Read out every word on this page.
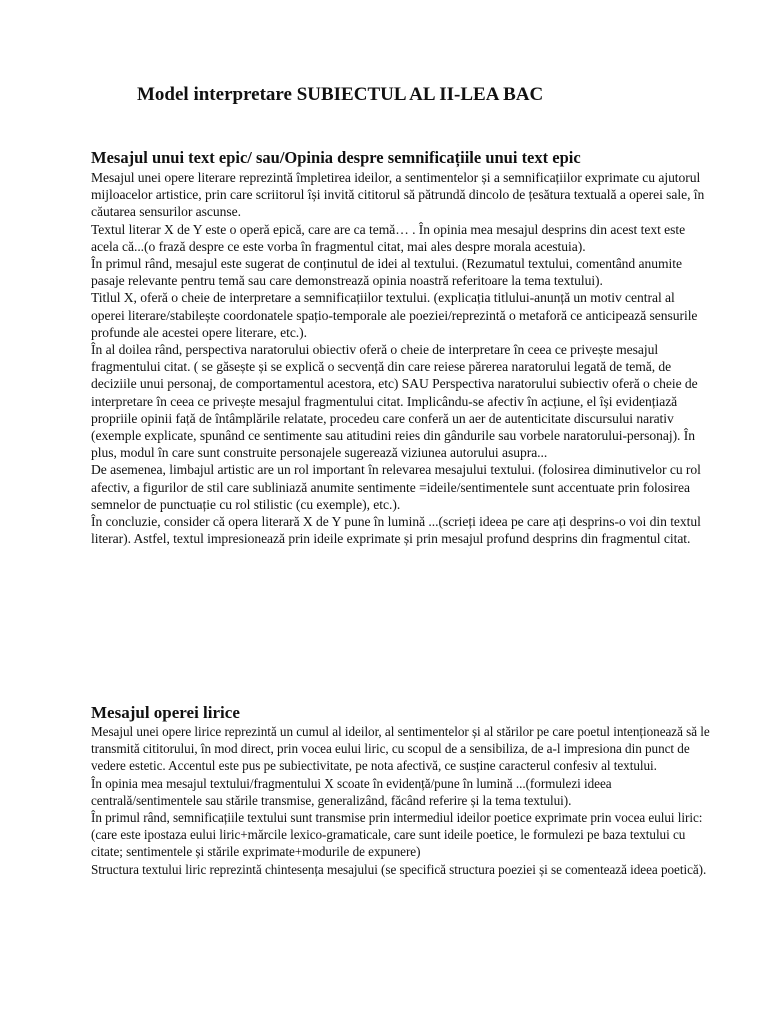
Model interpretare SUBIECTUL AL II-LEA BAC
Mesajul unui text epic/ sau/Opinia despre semnificațiile unui text epic

Mesajul unei opere literare reprezintă împletirea ideilor, a sentimentelor și a semnificațiilor exprimate cu ajutorul mijloacelor artistice, prin care scriitorul își invită cititorul să pătrundă dincolo de țesătura textuală a operei sale, în căutarea sensurilor ascunse.

Textul literar X de Y este o operă epică, care are ca temă… . În opinia mea mesajul desprins din acest text este acela că...(o frază despre ce este vorba în fragmentul citat, mai ales despre morala acestuia).

În primul rând, mesajul este sugerat de conținutul de idei al textului. (Rezumatul textului, comentând anumite pasaje relevante pentru temă sau care demonstrează opinia noastră referitoare la tema textului).

Titlul X, oferă o cheie de interpretare a semnificațiilor textului. (explicația titlului-anunță un motiv central al operei literare/stabilește coordonatele spațio-temporale ale poeziei/reprezintă o metaforă ce anticipează sensurile profunde ale acestei opere literare, etc.).

În al doilea rând, perspectiva naratorului obiectiv oferă o cheie de interpretare în ceea ce privește mesajul fragmentului citat. ( se găsește și se explică o secvență din care reiese părerea naratorului legată de temă, de deciziile unui personaj, de comportamentul acestora, etc) SAU Perspectiva naratorului subiectiv oferă o cheie de interpretare în ceea ce privește mesajul fragmentului citat. Implicându-se afectiv în acțiune, el își evidențiază propriile opinii față de întâmplările relatate, procedeu care conferă un aer de autenticitate discursului narativ (exemple explicate, spunând ce sentimente sau atitudini reies din gândurile sau vorbele naratorului-personaj). În plus, modul în care sunt construite personajele sugerează viziunea autorului asupra...

De asemenea, limbajul artistic are un rol important în relevarea mesajului textului. (folosirea diminutivelor cu rol afectiv, a figurilor de stil care subliniază anumite sentimente =ideile/sentimentele sunt accentuate prin folosirea semnelor de punctuație cu rol stilistic (cu exemple), etc.).

În concluzie, consider că opera literară X de Y pune în lumină ...(scrieți ideea pe care ați desprins-o voi din textul literar). Astfel, textul impresionează prin ideile exprimate și prin mesajul profund desprins din fragmentul citat.

Mesajul operei lirice

Mesajul unei opere lirice reprezintă un cumul al ideilor, al sentimentelor și al stărilor pe care poetul intenționează să le transmită cititorului, în mod direct, prin vocea eului liric, cu scopul de a sensibiliza, de a-l impresiona din punct de vedere estetic. Accentul este pus pe subiectivitate, pe nota afectivă, ce susține caracterul confesiv al textului.

În opinia mea mesajul textului/fragmentului X scoate în evidență/pune în lumină ...(formulezi ideea centrală/sentimentele sau stările transmise, generalizând, făcând referire și la tema textului).

În primul rând, semnificațiile textului sunt transmise prin intermediul ideilor poetice exprimate prin vocea eului liric: (care este ipostaza eului liric+mărcile lexico-gramaticale, care sunt ideile poetice, le formulezi pe baza textului cu citate; sentimentele și stările exprimate+modurile de expunere)

Structura textului liric reprezintă chintesența mesajului (se specifică structura poeziei și se comentează ideea poetică).
